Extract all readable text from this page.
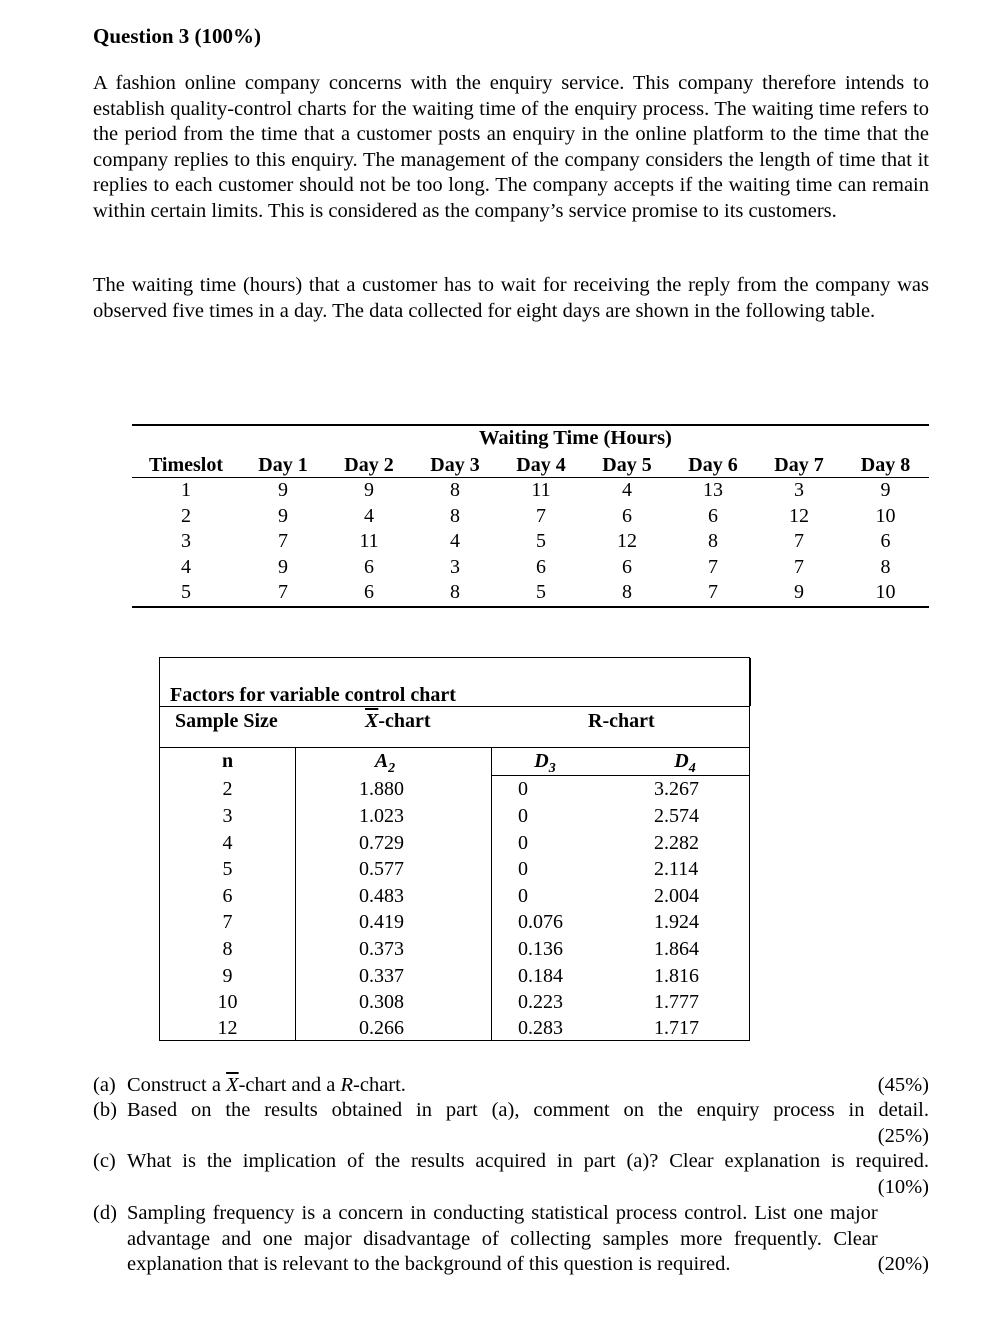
Question 3 (100%)
A fashion online company concerns with the enquiry service. This company therefore intends to establish quality-control charts for the waiting time of the enquiry process. The waiting time refers to the period from the time that a customer posts an enquiry in the online platform to the time that the company replies to this enquiry. The management of the company considers the length of time that it replies to each customer should not be too long. The company accepts if the waiting time can remain within certain limits. This is considered as the company’s service promise to its customers.
The waiting time (hours) that a customer has to wait for receiving the reply from the company was observed five times in a day. The data collected for eight days are shown in the following table.
Waiting Time (Hours)
Timeslot	Day 1	Day 2	Day 3	Day 4	Day 5	Day 6	Day 7	Day 8
1	9	9	8	11	4	13	3	9
2	9	4	8	7	6	6	12	10
3	7	11	4	5	12	8	7	6
4	9	6	3	6	6	7	7	8
5	7	6	8	5	8	7	9	10
Factors for variable control chart
Sample Size	$\overline{X}$-chart	R-chart
n	$A_2$	$D_3$	$D_4$
2	1.880	0	3.267
3	1.023	0	2.574
4	0.729	0	2.282
5	0.577	0	2.114
6	0.483	0	2.004
7	0.419	0.076	1.924
8	0.373	0.136	1.864
9	0.337	0.184	1.816
10	0.308	0.223	1.777
12	0.266	0.283	1.717
(a)	(45%)
Construct a $\overline{X}$-chart and a R-chart.
(b) Based on the results obtained in part (a), comment on the enquiry process in detail.
(25%)
(c) What is the implication of the results acquired in part (a)? Clear explanation is required.
(10%)
(d)
(20%)
Sampling frequency is a concern in conducting statistical process control. List one major advantage and one major disadvantage of collecting samples more frequently. Clear explanation that is relevant to the background of this question is required.
